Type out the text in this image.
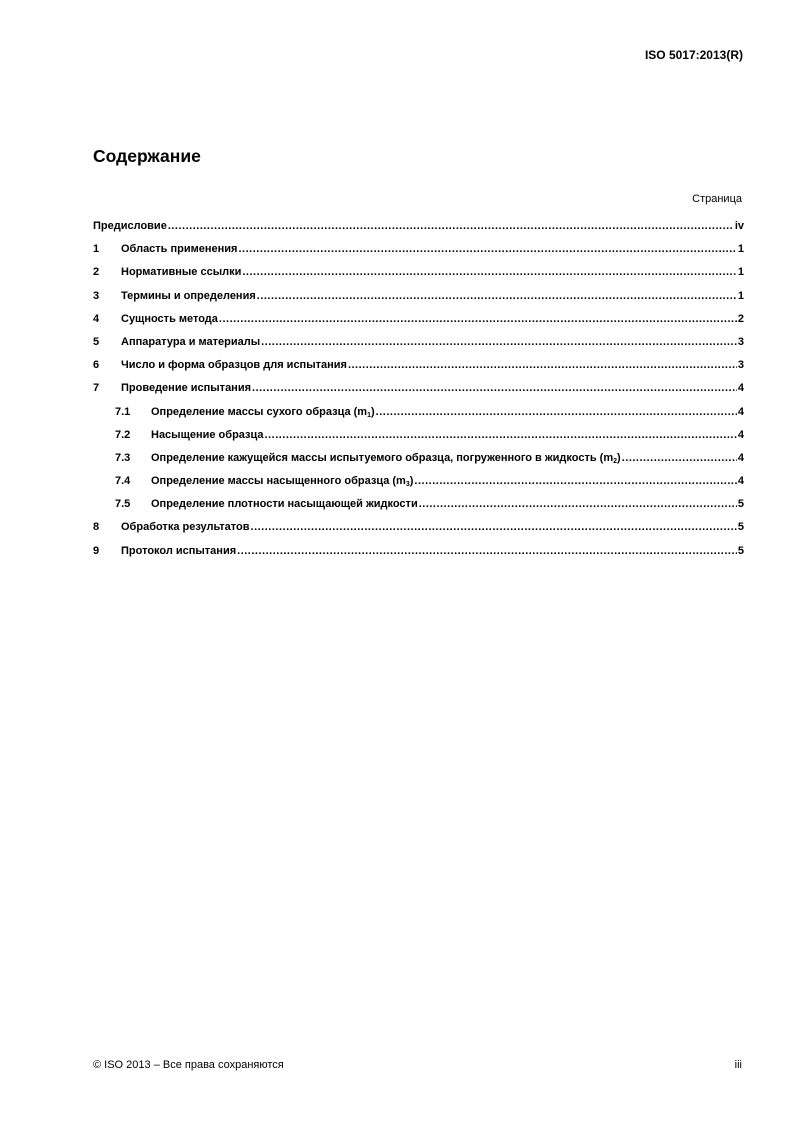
ISO 5017:2013(R)
Содержание
Страница
Предисловие .....	iv
1	Область применения .....	1
2	Нормативные ссылки .....	1
3	Термины и определения .....	1
4	Сущность метода .....	2
5	Аппаратура и материалы .....	3
6	Число и форма образцов для испытания .....	3
7	Проведение испытания .....	4
7.1	Определение массы сухого образца $(m_1)$ .....	4
7.2	Насыщение образца .....	4
7.3	Определение кажущейся массы испытуемого образца, погруженного в жидкость $(m_2)$ .....	4
7.4	Определение массы насыщенного образца $(m_3)$ .....	4
7.5	Определение плотности насыщающей жидкости .....	5
8	Обработка результатов .....	5
9	Протокол испытания .....	5
© ISO 2013 – Все права сохраняются	iii
